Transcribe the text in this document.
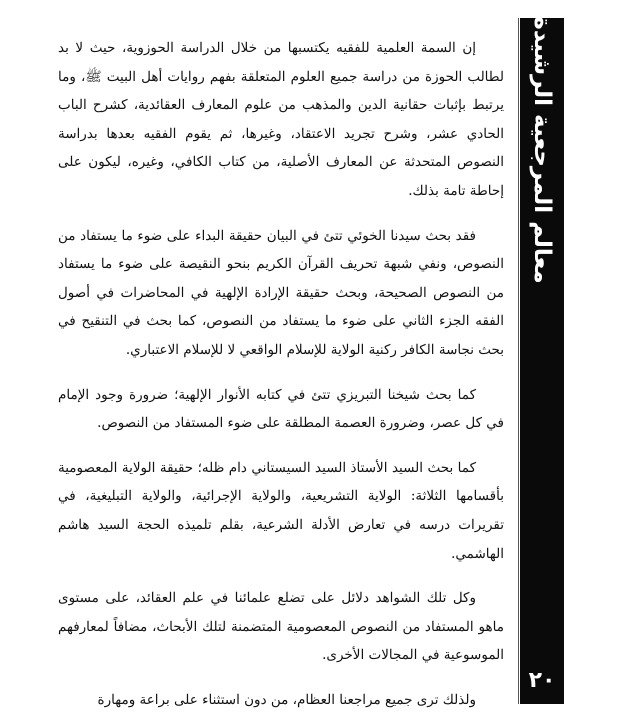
إن السمة العلمية للفقيه يكتسبها من خلال الدراسة الحوزوية، حيث لا بد لطالب الحوزة من دراسة جميع العلوم المتعلقة بفهم روايات أهل البيت ﷺ، وما يرتبط بإثبات حقانية الدين والمذهب من علوم المعارف العقائدية، كشرح الباب الحادي عشر، وشرح تجريد الاعتقاد، وغيرها، ثم يقوم الفقيه بعدها بدراسة النصوص المتحدثة عن المعارف الأصلية، من كتاب الكافي، وغيره، ليكون على إحاطة تامة بذلك.

فقد بحث سيدنا الخوئي تتئ في البيان حقيقة البداء على ضوء ما يستفاد من النصوص، ونفي شبهة تحريف القرآن الكريم بنحو النقيصة على ضوء ما يستفاد من النصوص الصحيحة، وبحث حقيقة الإرادة الإلهية في المحاضرات في أصول الفقه الجزء الثاني على ضوء ما يستفاد من النصوص، كما بحث في التنقيح في بحث نجاسة الكافر ركنية الولاية للإسلام الواقعي لا للإسلام الاعتباري.

كما بحث شيخنا التبريزي تتئ في كتابه الأنوار الإلهية؛ ضرورة وجود الإمام في كل عصر، وضرورة العصمة المطلقة على ضوء المستفاد من النصوص.

كما بحث السيد الأستاذ السيد السيستاني دام ظله؛ حقيقة الولاية المعصومية بأقسامها الثلاثة: الولاية التشريعية، والولاية الإجرائية، والولاية التبليغية، في تقريرات درسه في تعارض الأدلة الشرعية، بقلم تلميذه الحجة السيد هاشم الهاشمي.

وكل تلك الشواهد دلائل على تضلع علمائنا في علم العقائد، على مستوى ماهو المستفاد من النصوص المعصومية المتضمنة لتلك الأبحاث، مضافاً لمعارفهم الموسوعية في المجالات الأخرى.

ولذلك ترى جميع مراجعنا العظام، من دون استثناء على براعة ومهارة

معالم المرجعية الرشيدة
٢٠
